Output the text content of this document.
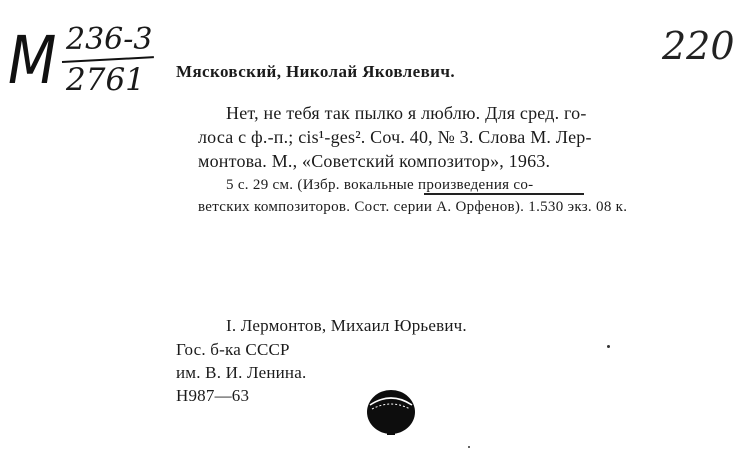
М 236-3
2761
220
Мясковский, Николай Яковлевич.
Нет, не тебя так пылко я люблю. Для сред. го-
лоса с ф.-п.; cis¹-ges². Соч. 40, № 3. Слова М. Лер-
монтова. М., «Советский композитор», 1963.
5 с. 29 см. (Избр. вокальные произведения со-
ветских композиторов. Сост. серии А. Орфенов). 1.530 экз. 08 к.
I. Лермонтов, Михаил Юрьевич.
Гос. б-ка СССР
им. В. И. Ленина.
Н987—63
